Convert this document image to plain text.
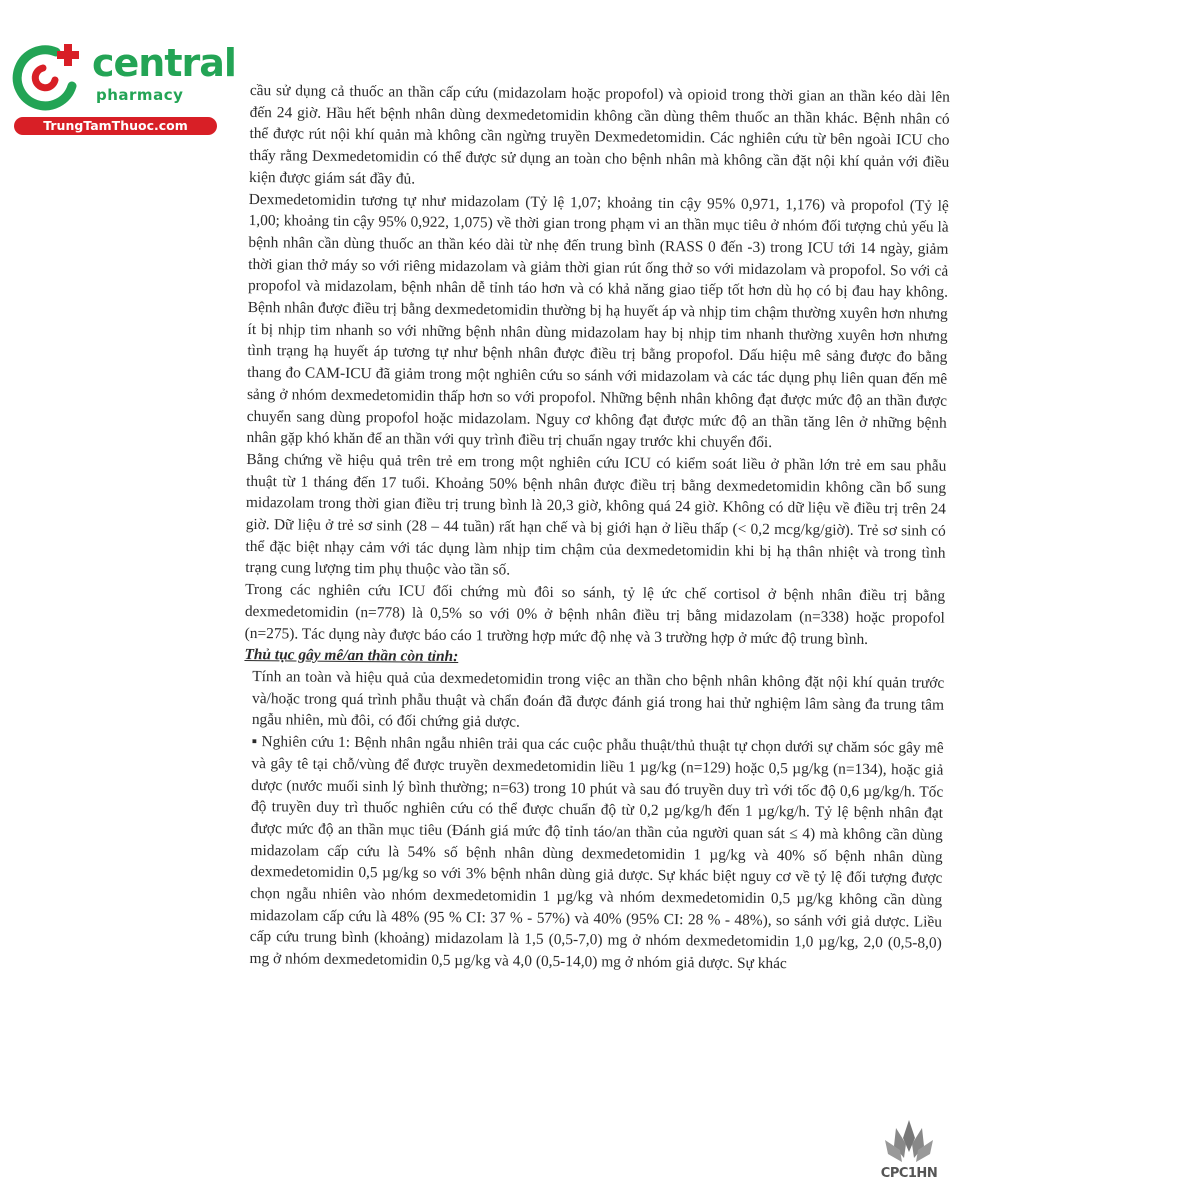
central
pharmacy
TrungTamThuoc.com

cầu sử dụng cả thuốc an thần cấp cứu (midazolam hoặc propofol) và opioid trong thời gian an thần kéo dài lên đến 24 giờ. Hầu hết bệnh nhân dùng dexmedetomidin không cần dùng thêm thuốc an thần khác. Bệnh nhân có thể được rút nội khí quản mà không cần ngừng truyền Dexmedetomidin. Các nghiên cứu từ bên ngoài ICU cho thấy rằng Dexmedetomidin có thể được sử dụng an toàn cho bệnh nhân mà không cần đặt nội khí quản với điều kiện được giám sát đầy đủ.

Dexmedetomidin tương tự như midazolam (Tỷ lệ 1,07; khoảng tin cậy 95% 0,971, 1,176) và propofol (Tỷ lệ 1,00; khoảng tin cậy 95% 0,922, 1,075) về thời gian trong phạm vi an thần mục tiêu ở nhóm đối tượng chủ yếu là bệnh nhân cần dùng thuốc an thần kéo dài từ nhẹ đến trung bình (RASS 0 đến -3) trong ICU tới 14 ngày, giảm thời gian thở máy so với riêng midazolam và giảm thời gian rút ống thở so với midazolam và propofol. So với cả propofol và midazolam, bệnh nhân dễ tỉnh táo hơn và có khả năng giao tiếp tốt hơn dù họ có bị đau hay không. Bệnh nhân được điều trị bằng dexmedetomidin thường bị hạ huyết áp và nhịp tim chậm thường xuyên hơn nhưng ít bị nhịp tim nhanh so với những bệnh nhân dùng midazolam hay bị nhịp tim nhanh thường xuyên hơn nhưng tình trạng hạ huyết áp tương tự như bệnh nhân được điều trị bằng propofol. Dấu hiệu mê sảng được đo bằng thang đo CAM-ICU đã giảm trong một nghiên cứu so sánh với midazolam và các tác dụng phụ liên quan đến mê sảng ở nhóm dexmedetomidin thấp hơn so với propofol. Những bệnh nhân không đạt được mức độ an thần được chuyển sang dùng propofol hoặc midazolam. Nguy cơ không đạt được mức độ an thần tăng lên ở những bệnh nhân gặp khó khăn để an thần với quy trình điều trị chuẩn ngay trước khi chuyển đổi.

Bằng chứng về hiệu quả trên trẻ em trong một nghiên cứu ICU có kiểm soát liều ở phần lớn trẻ em sau phẫu thuật từ 1 tháng đến 17 tuổi. Khoảng 50% bệnh nhân được điều trị bằng dexmedetomidin không cần bổ sung midazolam trong thời gian điều trị trung bình là 20,3 giờ, không quá 24 giờ. Không có dữ liệu về điều trị trên 24 giờ. Dữ liệu ở trẻ sơ sinh (28 – 44 tuần) rất hạn chế và bị giới hạn ở liều thấp (< 0,2 mcg/kg/giờ). Trẻ sơ sinh có thể đặc biệt nhạy cảm với tác dụng làm nhịp tim chậm của dexmedetomidin khi bị hạ thân nhiệt và trong tình trạng cung lượng tim phụ thuộc vào tần số.

Trong các nghiên cứu ICU đối chứng mù đôi so sánh, tỷ lệ ức chế cortisol ở bệnh nhân điều trị bằng dexmedetomidin (n=778) là 0,5% so với 0% ở bệnh nhân điều trị bằng midazolam (n=338) hoặc propofol (n=275). Tác dụng này được báo cáo 1 trường hợp mức độ nhẹ và 3 trường hợp ở mức độ trung bình.

Thủ tục gây mê/an thần còn tỉnh:

Tính an toàn và hiệu quả của dexmedetomidin trong việc an thần cho bệnh nhân không đặt nội khí quản trước và/hoặc trong quá trình phẫu thuật và chẩn đoán đã được đánh giá trong hai thử nghiệm lâm sàng đa trung tâm ngẫu nhiên, mù đôi, có đối chứng giả dược.

▪ Nghiên cứu 1: Bệnh nhân ngẫu nhiên trải qua các cuộc phẫu thuật/thủ thuật tự chọn dưới sự chăm sóc gây mê và gây tê tại chỗ/vùng để được truyền dexmedetomidin liều 1 µg/kg (n=129) hoặc 0,5 µg/kg (n=134), hoặc giả dược (nước muối sinh lý bình thường; n=63) trong 10 phút và sau đó truyền duy trì với tốc độ 0,6 µg/kg/h. Tốc độ truyền duy trì thuốc nghiên cứu có thể được chuẩn độ từ 0,2 µg/kg/h đến 1 µg/kg/h. Tỷ lệ bệnh nhân đạt được mức độ an thần mục tiêu (Đánh giá mức độ tỉnh táo/an thần của người quan sát ≤ 4) mà không cần dùng midazolam cấp cứu là 54% số bệnh nhân dùng dexmedetomidin 1 µg/kg và 40% số bệnh nhân dùng dexmedetomidin 0,5 µg/kg so với 3% bệnh nhân dùng giả dược. Sự khác biệt nguy cơ về tỷ lệ đối tượng được chọn ngẫu nhiên vào nhóm dexmedetomidin 1 µg/kg và nhóm dexmedetomidin 0,5 µg/kg không cần dùng midazolam cấp cứu là 48% (95 % CI: 37 % - 57%) và 40% (95% CI: 28 % - 48%), so sánh với giả dược. Liều cấp cứu trung bình (khoảng) midazolam là 1,5 (0,5-7,0) mg ở nhóm dexmedetomidin 1,0 µg/kg, 2,0 (0,5-8,0) mg ở nhóm dexmedetomidin 0,5 µg/kg và 4,0 (0,5-14,0) mg ở nhóm giả dược. Sự khác

CPC1HN
